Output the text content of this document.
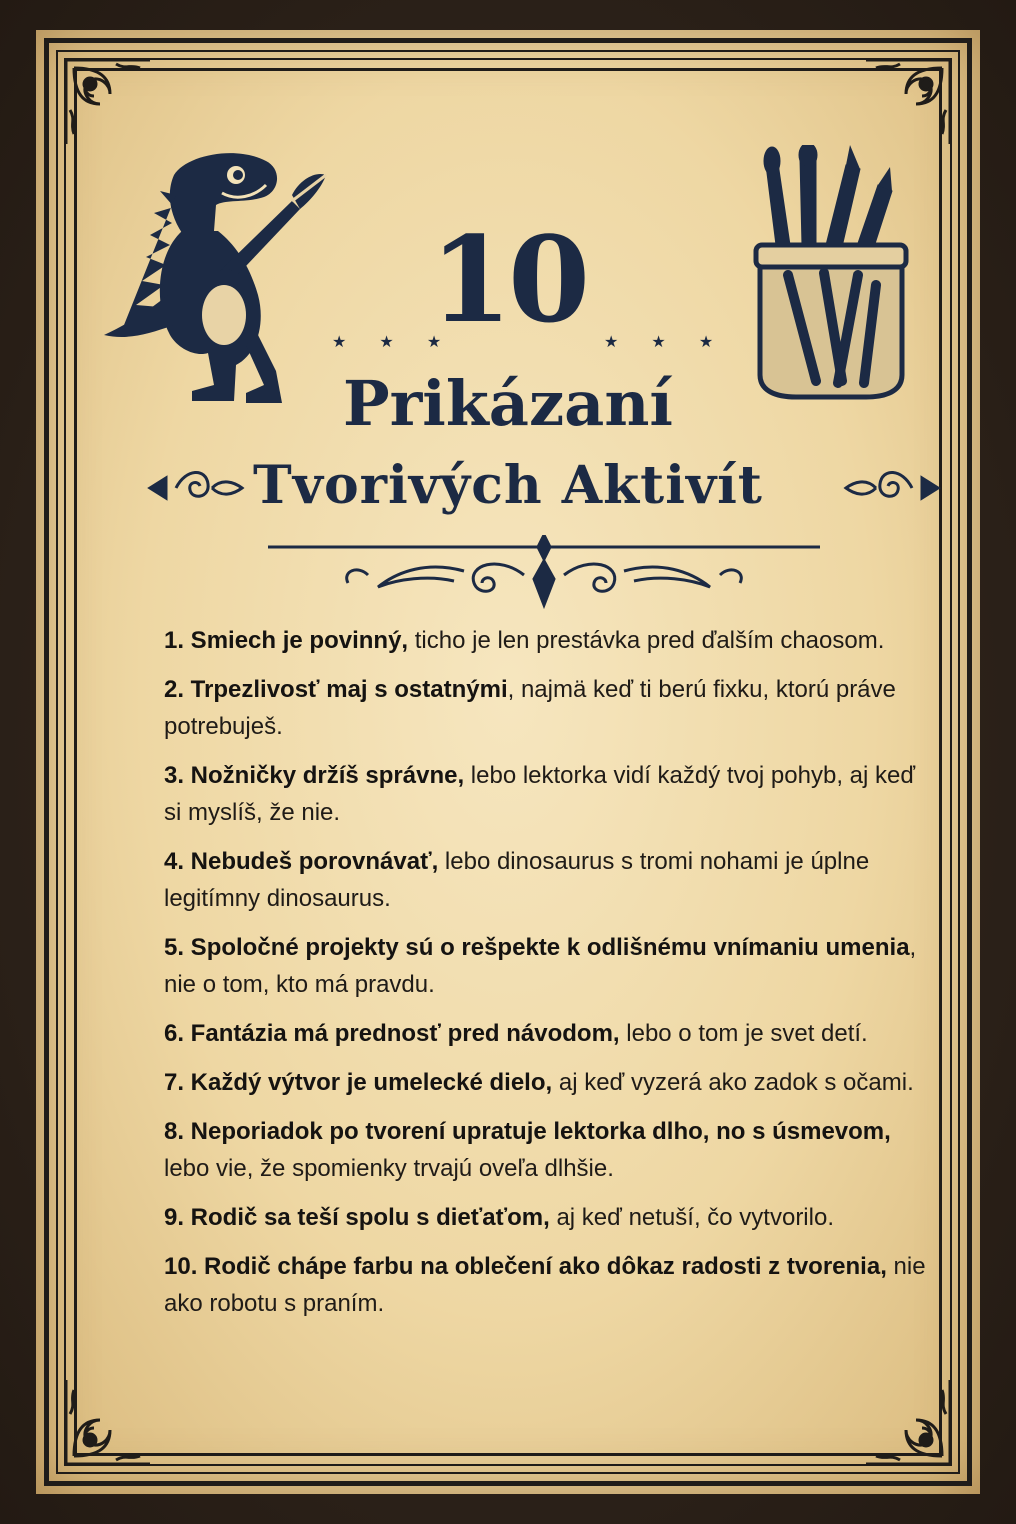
10
★ ★ ★	★ ★ ★
Prikázaní
Tvorivých Aktivít
1. Smiech je povinný, ticho je len prestávka pred ďalším chaosom.
2. Trpezlivosť maj s ostatnými, najmä keď ti berú fixku, ktorú práve potrebuješ.
3. Nožničky držíš správne, lebo lektorka vidí každý tvoj pohyb, aj keď si myslíš, že nie.
4. Nebudeš porovnávať, lebo dinosaurus s tromi nohami je úplne legitímny dinosaurus.
5. Spoločné projekty sú o rešpekte k odlišnému vnímaniu umenia, nie o tom, kto má pravdu.
6. Fantázia má prednosť pred návodom, lebo o tom je svet detí.
7. Každý výtvor je umelecké dielo, aj keď vyzerá ako zadok s očami.
8. Neporiadok po tvorení upratuje lektorka dlho, no s úsmevom, lebo vie, že spomienky trvajú oveľa dlhšie.
9. Rodič sa teší spolu s dieťaťom, aj keď netuší, čo vytvorilo.
10. Rodič chápe farbu na oblečení ako dôkaz radosti z tvorenia, nie ako robotu s praním.
